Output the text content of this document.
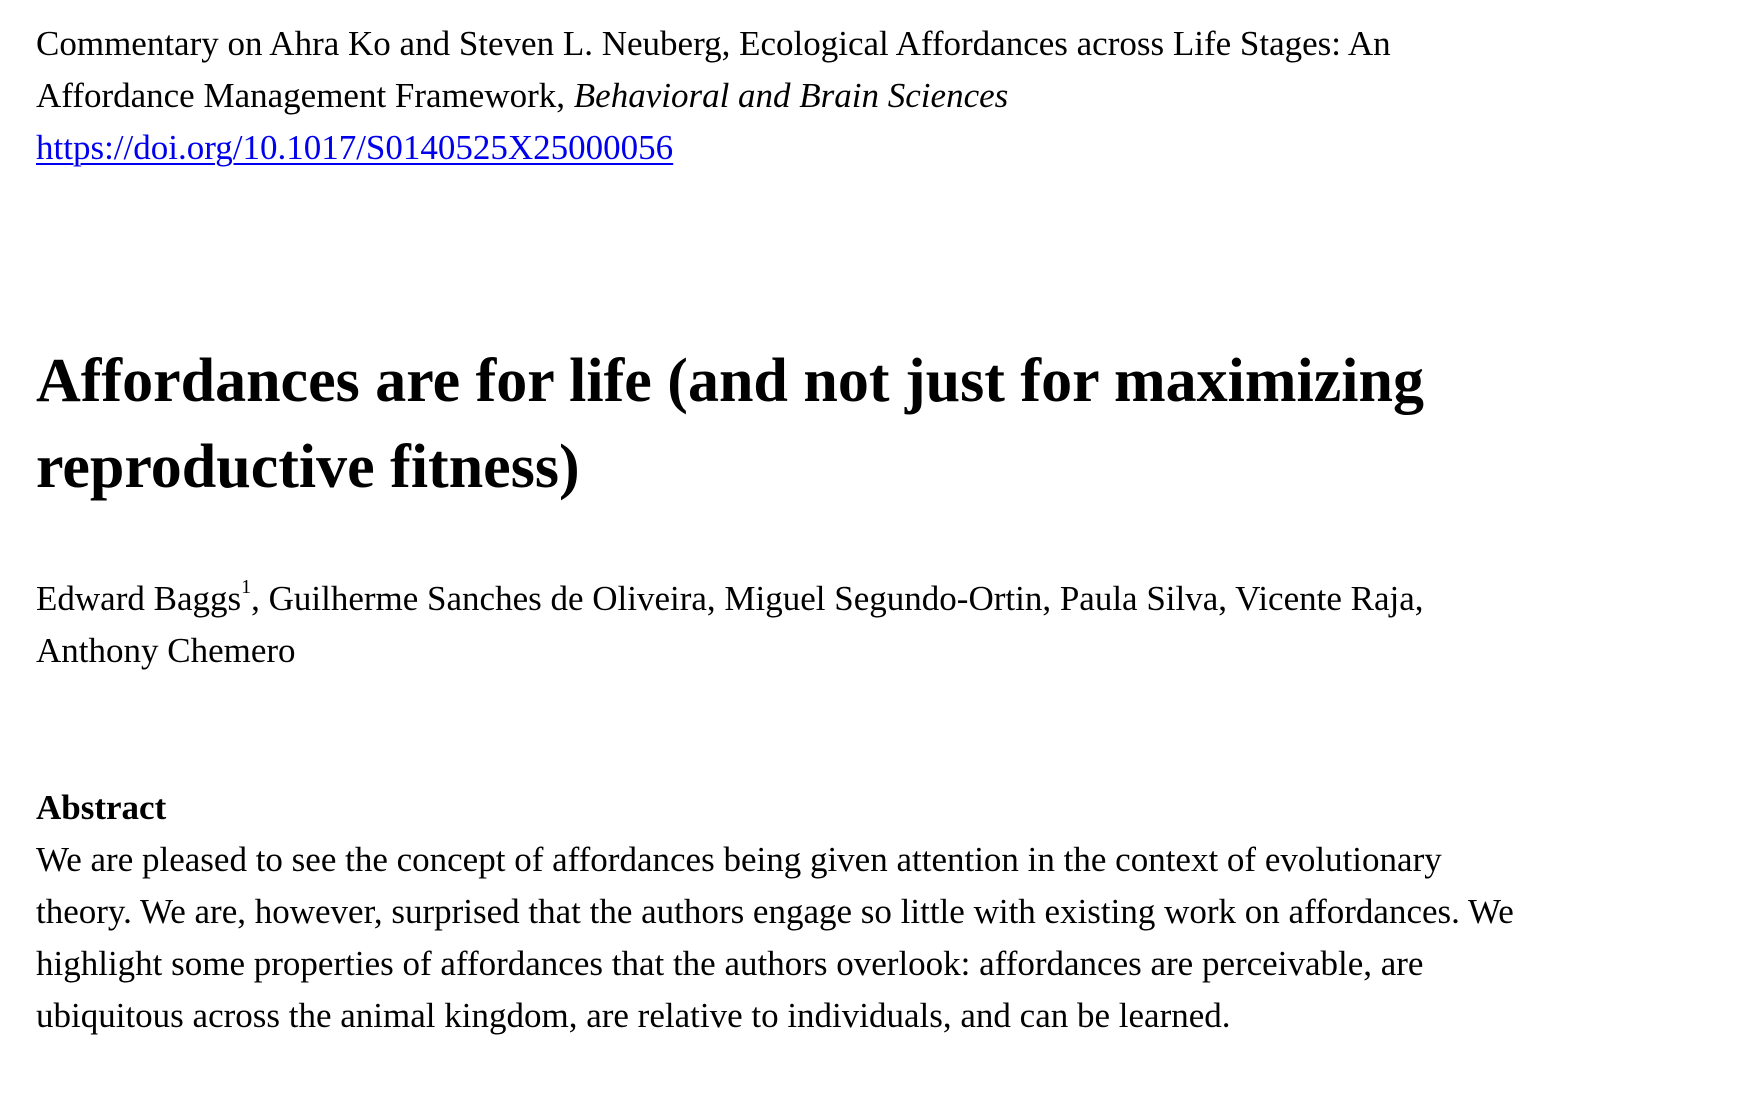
Commentary on Ahra Ko and Steven L. Neuberg, Ecological Affordances across Life Stages: An
Affordance Management Framework, Behavioral and Brain Sciences
https://doi.org/10.1017/S0140525X25000056

Affordances are for life (and not just for maximizing
reproductive fitness)

Edward Baggs$^1$, Guilherme Sanches de Oliveira, Miguel Segundo-Ortin, Paula Silva, Vicente Raja,
Anthony Chemero

Abstract

We are pleased to see the concept of affordances being given attention in the context of evolutionary
theory. We are, however, surprised that the authors engage so little with existing work on affordances. We
highlight some properties of affordances that the authors overlook: affordances are perceivable, are
ubiquitous across the animal kingdom, are relative to individuals, and can be learned.
